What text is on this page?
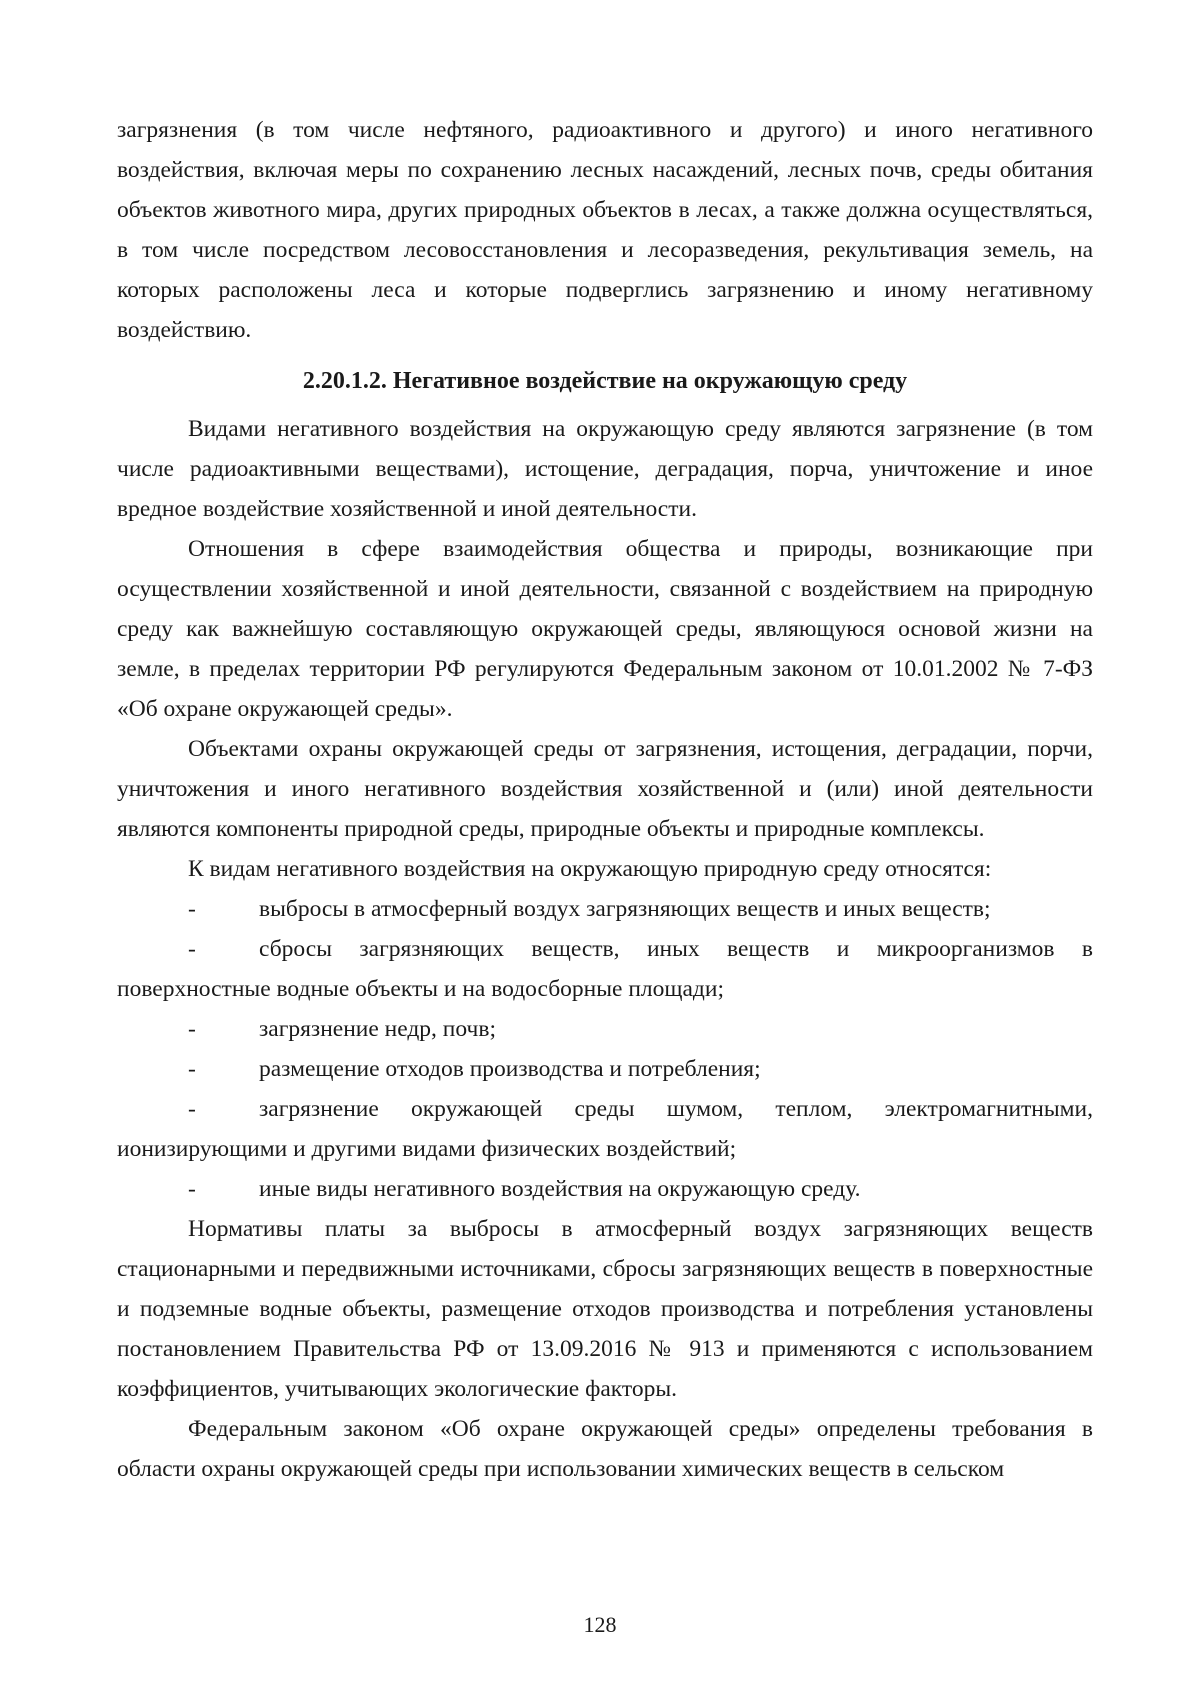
загрязнения (в том числе нефтяного, радиоактивного и другого) и иного негативного воздействия, включая меры по сохранению лесных насаждений, лесных почв, среды обитания объектов животного мира, других природных объектов в лесах, а также должна осуществляться, в том числе посредством лесовосстановления и лесоразведения, рекультивация земель, на которых расположены леса и которые подверглись загрязнению и иному негативному воздействию.

2.20.1.2. Негативное воздействие на окружающую среду

Видами негативного воздействия на окружающую среду являются загрязнение (в том числе радиоактивными веществами), истощение, деградация, порча, уничтожение и иное вредное воздействие хозяйственной и иной деятельности.

Отношения в сфере взаимодействия общества и природы, возникающие при осуществлении хозяйственной и иной деятельности, связанной с воздействием на природную среду как важнейшую составляющую окружающей среды, являющуюся основой жизни на земле, в пределах территории РФ регулируются Федеральным законом от 10.01.2002 № 7-ФЗ «Об охране окружающей среды».

Объектами охраны окружающей среды от загрязнения, истощения, деградации, порчи, уничтожения и иного негативного воздействия хозяйственной и (или) иной деятельности являются компоненты природной среды, природные объекты и природные комплексы.

К видам негативного воздействия на окружающую природную среду относятся:

-	выбросы в атмосферный воздух загрязняющих веществ и иных веществ;

-	сбросы загрязняющих веществ, иных веществ и микроорганизмов в поверхностные водные объекты и на водосборные площади;

-	загрязнение недр, почв;

-	размещение отходов производства и потребления;

-	загрязнение окружающей среды шумом, теплом, электромагнитными, ионизирующими и другими видами физических воздействий;

-	иные виды негативного воздействия на окружающую среду.

Нормативы платы за выбросы в атмосферный воздух загрязняющих веществ стационарными и передвижными источниками, сбросы загрязняющих веществ в поверхностные и подземные водные объекты, размещение отходов производства и потребления установлены постановлением Правительства РФ от 13.09.2016 № 913 и применяются с использованием коэффициентов, учитывающих экологические факторы.

Федеральным законом «Об охране окружающей среды» определены требования в области охраны окружающей среды при использовании химических веществ в сельском

128
